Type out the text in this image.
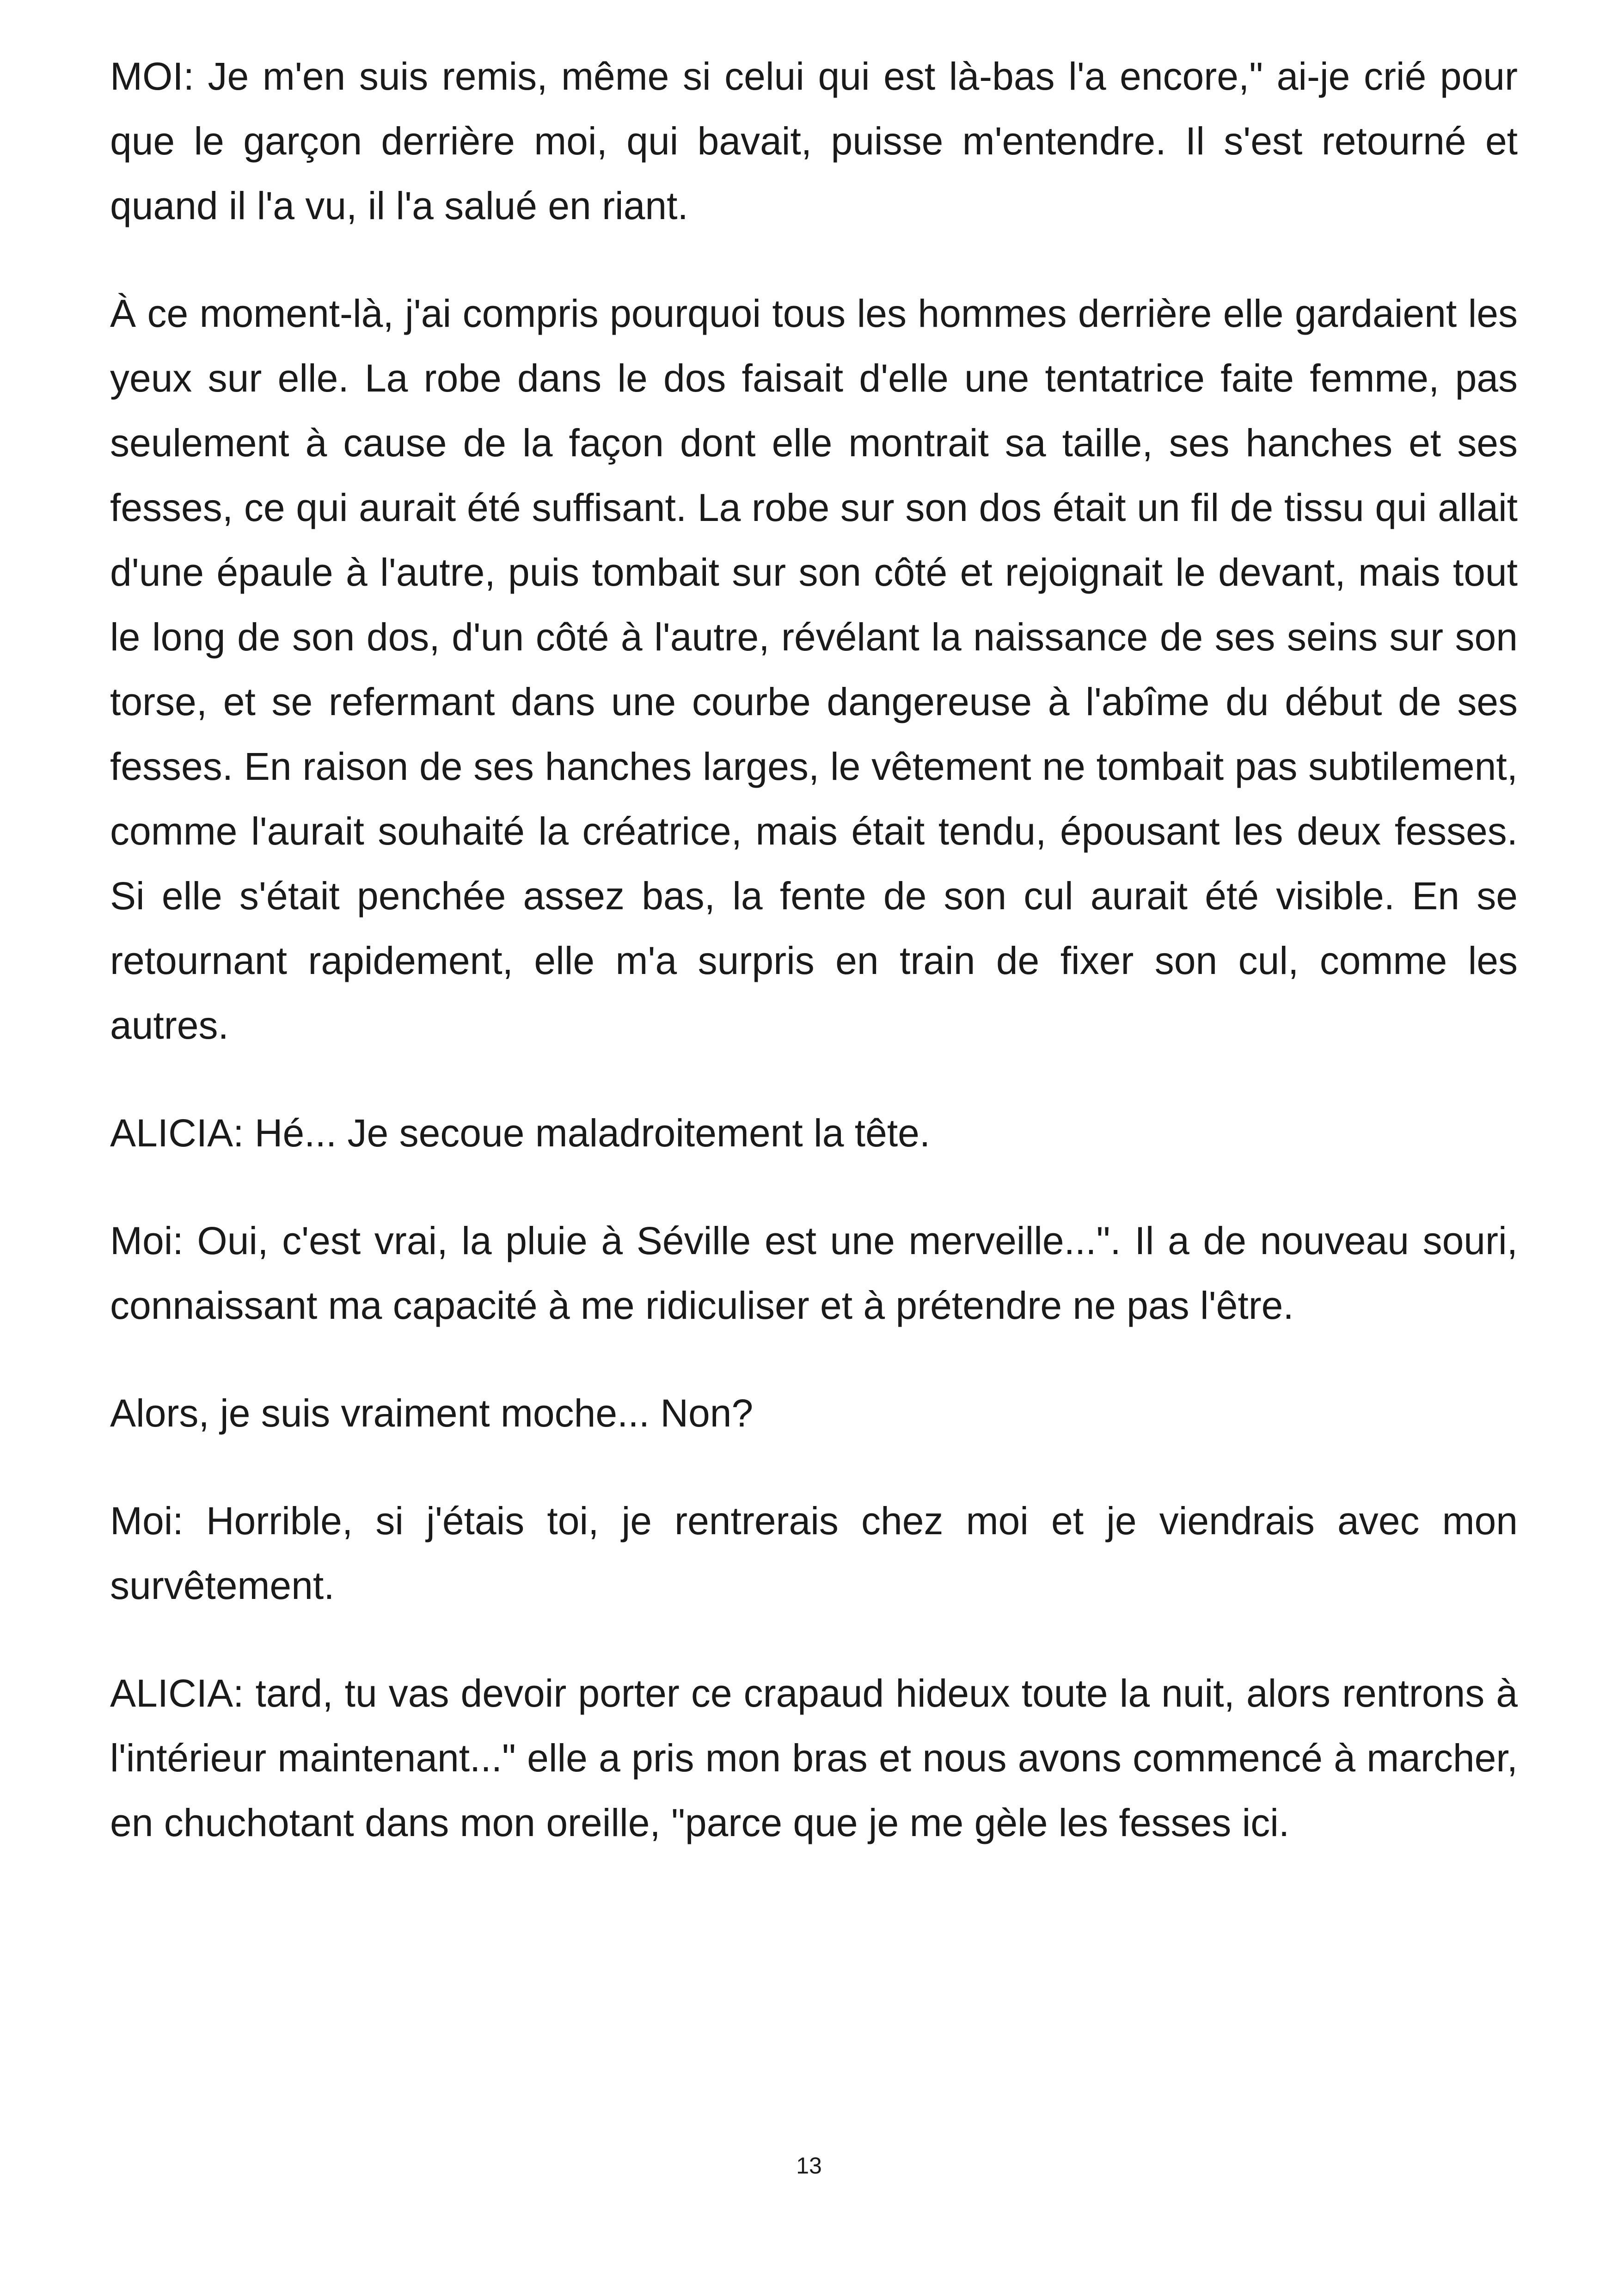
MOI: Je m'en suis remis, même si celui qui est là-bas l'a encore," ai-je crié pour que le garçon derrière moi, qui bavait, puisse m'entendre. Il s'est retourné et quand il l'a vu, il l'a salué en riant.

À ce moment-là, j'ai compris pourquoi tous les hommes derrière elle gardaient les yeux sur elle. La robe dans le dos faisait d'elle une tentatrice faite femme, pas seulement à cause de la façon dont elle montrait sa taille, ses hanches et ses fesses, ce qui aurait été suffisant. La robe sur son dos était un fil de tissu qui allait d'une épaule à l'autre, puis tombait sur son côté et rejoignait le devant, mais tout le long de son dos, d'un côté à l'autre, révélant la naissance de ses seins sur son torse, et se refermant dans une courbe dangereuse à l'abîme du début de ses fesses. En raison de ses hanches larges, le vêtement ne tombait pas subtilement, comme l'aurait souhaité la créatrice, mais était tendu, épousant les deux fesses. Si elle s'était penchée assez bas, la fente de son cul aurait été visible. En se retournant rapidement, elle m'a surpris en train de fixer son cul, comme les autres.

ALICIA: Hé... Je secoue maladroitement la tête.

Moi: Oui, c'est vrai, la pluie à Séville est une merveille...". Il a de nouveau souri, connaissant ma capacité à me ridiculiser et à prétendre ne pas l'être.

Alors, je suis vraiment moche... Non?

Moi: Horrible, si j'étais toi, je rentrerais chez moi et je viendrais avec mon survêtement.

ALICIA: tard, tu vas devoir porter ce crapaud hideux toute la nuit, alors rentrons à l'intérieur maintenant..." elle a pris mon bras et nous avons commencé à marcher, en chuchotant dans mon oreille, "parce que je me gèle les fesses ici.

13
